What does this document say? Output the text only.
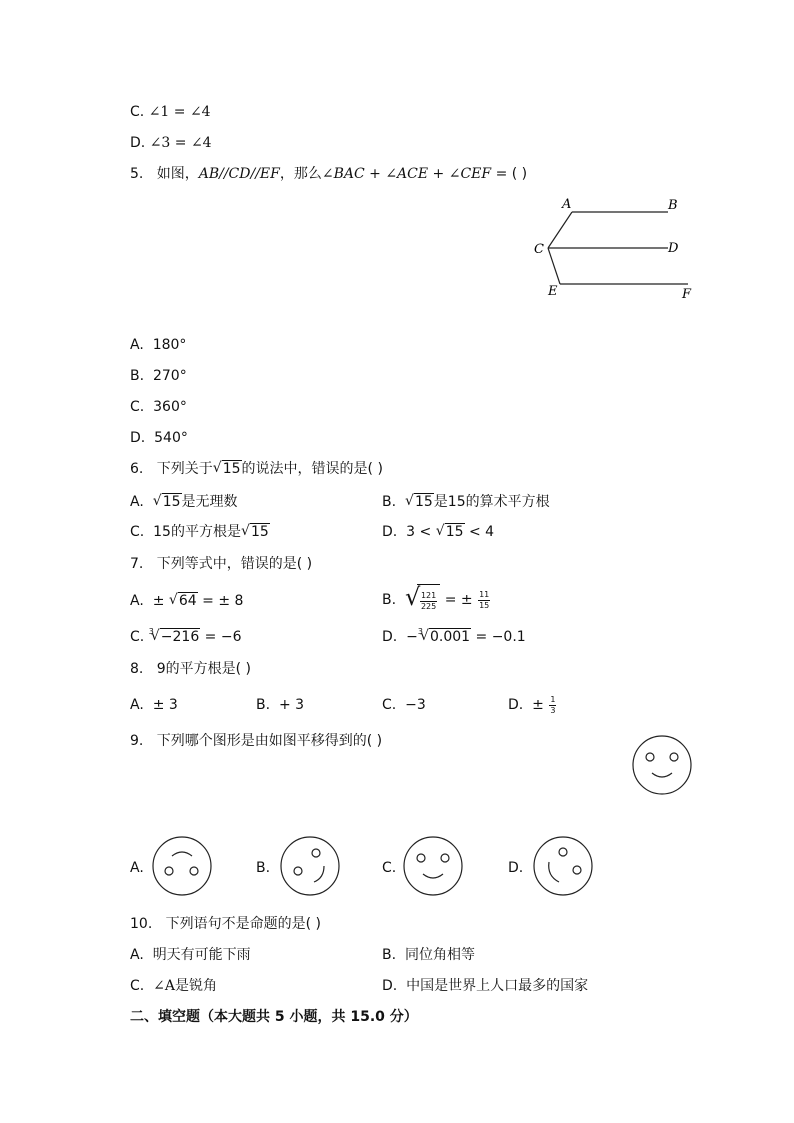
C. ∠1 = ∠4
D. ∠3 = ∠4
5. 如图，AB//CD//EF，那么∠BAC + ∠ACE + ∠CEF = ( )
A	B
C	D
E	F
A. 180°
B. 270°
C. 360°
D. 540°
6. 下列关于 √ 15的说法中，错误的是( )
A. √ 15是无理数	B. √ 15是15的算术平方根
C. 15的平方根是 √ 15	D. 3 < √ 15 < 4
7. 下列等式中，错误的是( )
A. ± √ 64 = ± 8	B.	√ $\frac{121}{225}$ = ± $\frac{11}{15}$
C. $^3$ √ −216 = −6	D. −$^3$ √ 0.001 = −0.1
8. 9的平方根是( )
A. ± 3	B. + 3	C. −3	D. ± $\frac{1}{3}$
9. 下列哪个图形是由如图平移得到的( )
A.	B.	C.	D.
10. 下列语句不是命题的是( )
A. 明天有可能下雨	B. 同位角相等
C. ∠A是锐角	D. 中国是世界上人口最多的国家
二、填空题（本大题共 5 小题，共 15.0 分）
